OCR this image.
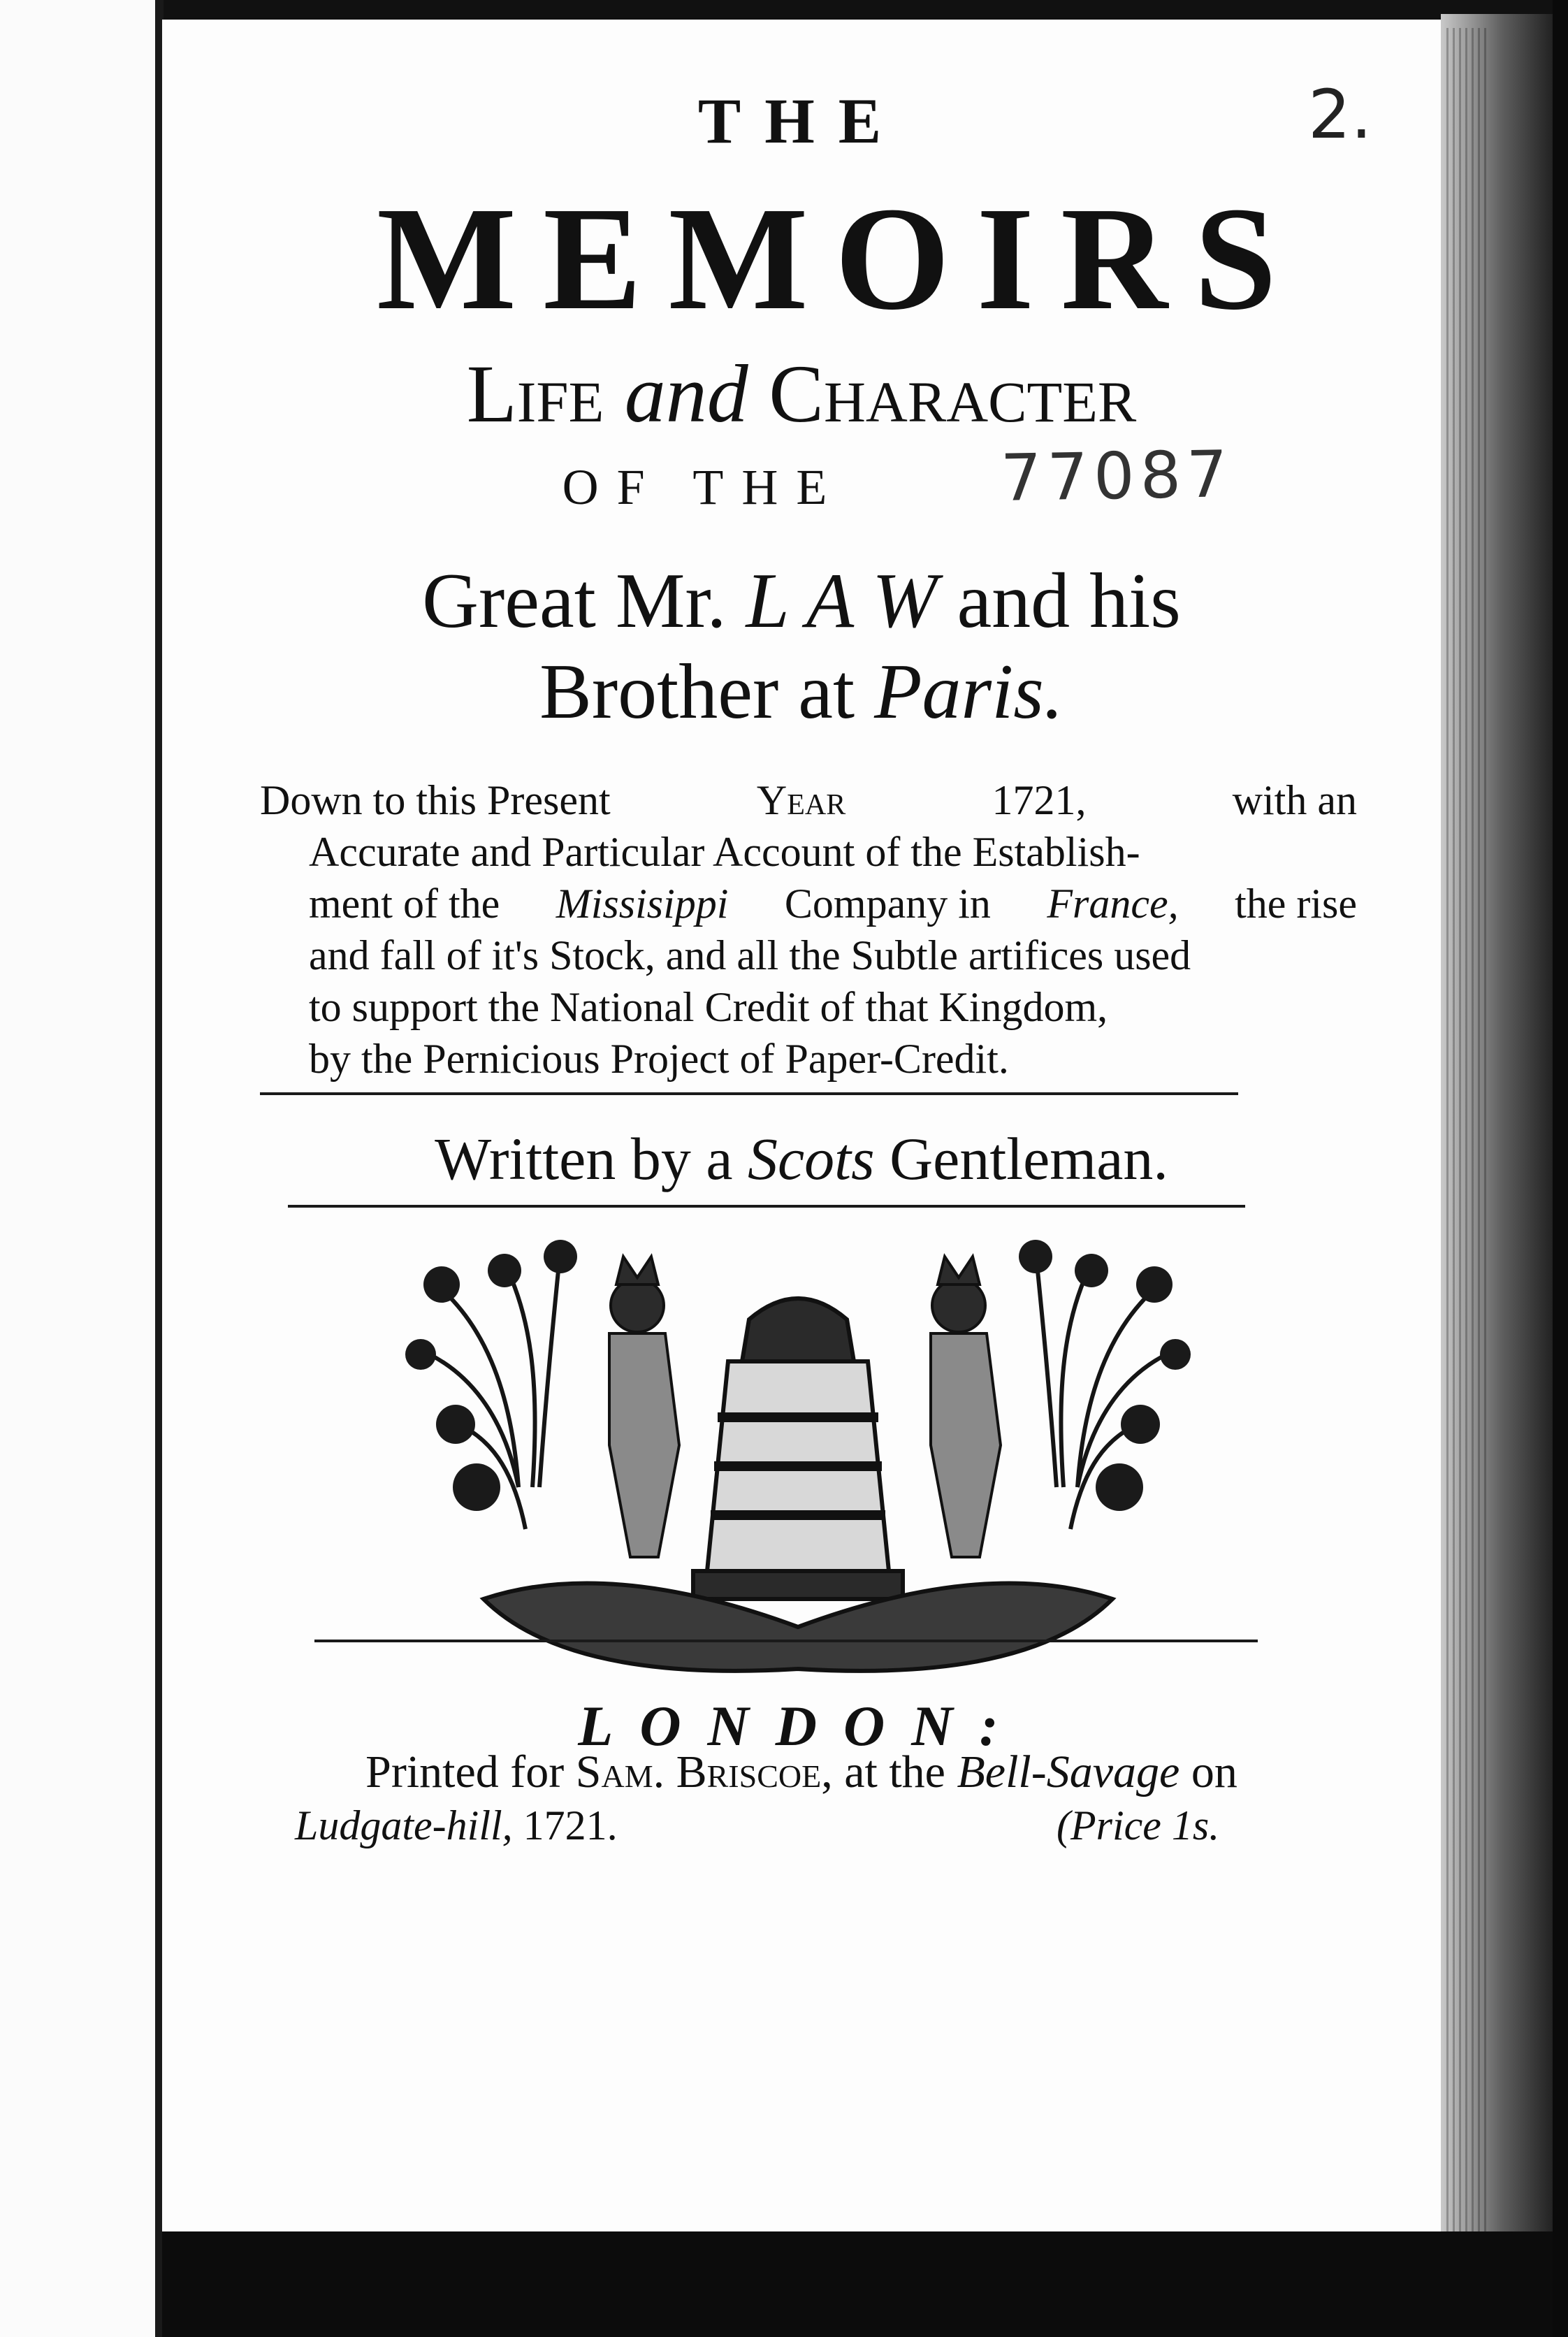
2.
THE
MEMOIRS
Life and Character
OF THE	77087
Great Mr. L A W and his
Brother at Paris.
Down to this Present	Year	1721,	with an
Accurate and Particular Account of the Establish-
ment of the Missisippi Company in France, the rise
and fall of it's Stock, and all the Subtle artifices used
to support the National Credit of that Kingdom,
by the Pernicious Project of Paper-Credit.
Written by a Scots Gentleman.
LONDON:
Printed for Sam. Briscoe, at the Bell-Savage on
Ludgate-hill, 1721.	(Price 1s.
